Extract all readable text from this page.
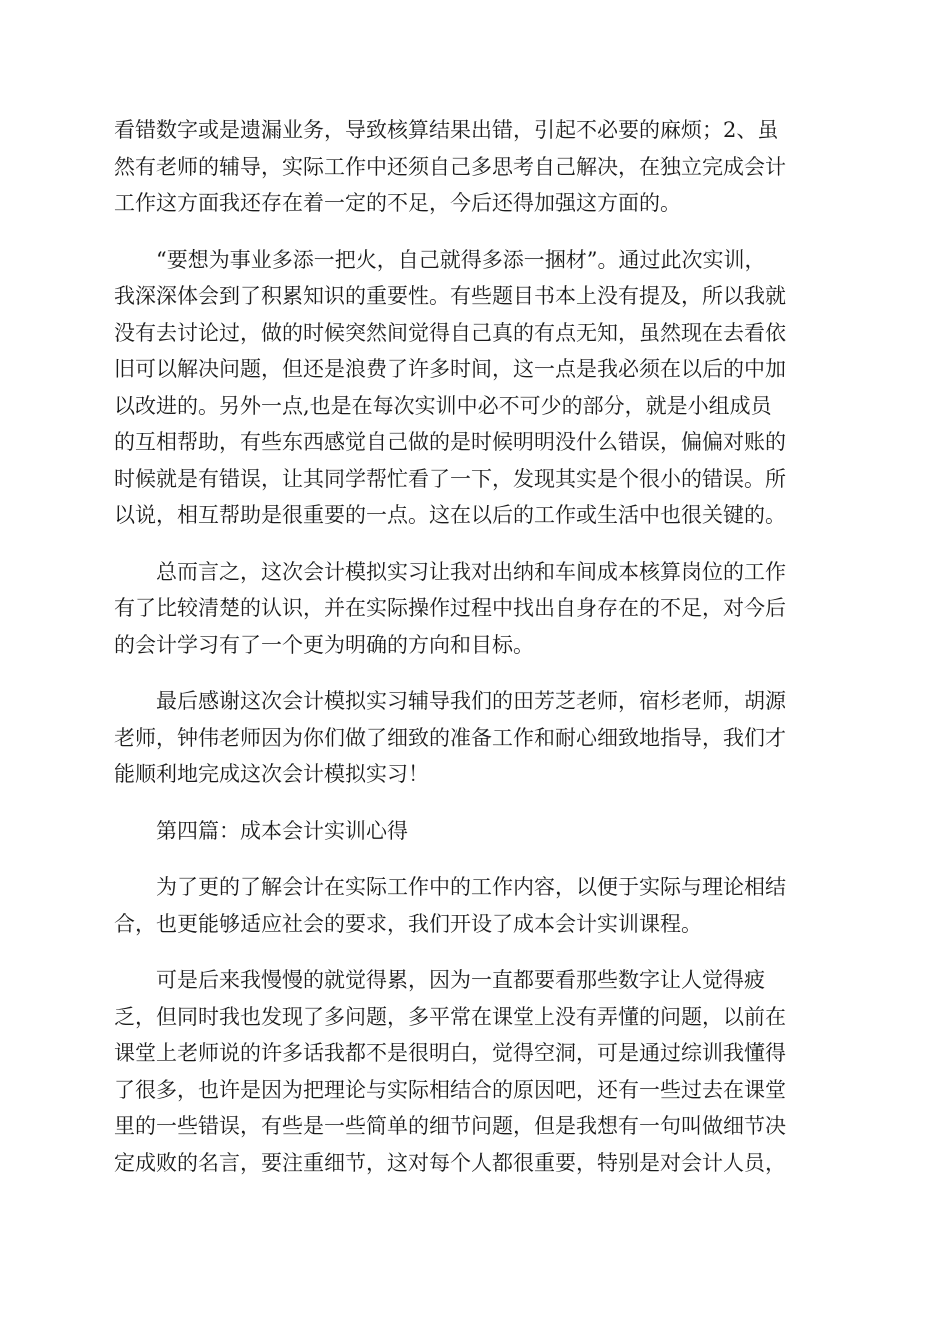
看错数字或是遗漏业务，导致核算结果出错，引起不必要的麻烦；2、虽
然有老师的辅导，实际工作中还须自己多思考自己解决，在独立完成会计
工作这方面我还存在着一定的不足，今后还得加强这方面的。

“要想为事业多添一把火，自己就得多添一捆材”。通过此次实训，
我深深体会到了积累知识的重要性。有些题目书本上没有提及，所以我就
没有去讨论过，做的时候突然间觉得自己真的有点无知，虽然现在去看依
旧可以解决问题，但还是浪费了许多时间，这一点是我必须在以后的中加
以改进的。另外一点,也是在每次实训中必不可少的部分，就是小组成员
的互相帮助，有些东西感觉自己做的是时候明明没什么错误，偏偏对账的
时候就是有错误，让其同学帮忙看了一下，发现其实是个很小的错误。所
以说，相互帮助是很重要的一点。这在以后的工作或生活中也很关键的。

总而言之，这次会计模拟实习让我对出纳和车间成本核算岗位的工作
有了比较清楚的认识，并在实际操作过程中找出自身存在的不足，对今后
的会计学习有了一个更为明确的方向和目标。

最后感谢这次会计模拟实习辅导我们的田芳芝老师，宿杉老师，胡源
老师，钟伟老师因为你们做了细致的准备工作和耐心细致地指导，我们才
能顺利地完成这次会计模拟实习！

第四篇：成本会计实训心得

为了更的了解会计在实际工作中的工作内容，以便于实际与理论相结
合，也更能够适应社会的要求，我们开设了成本会计实训课程。

可是后来我慢慢的就觉得累，因为一直都要看那些数字让人觉得疲
乏，但同时我也发现了多问题，多平常在课堂上没有弄懂的问题，以前在
课堂上老师说的许多话我都不是很明白，觉得空洞，可是通过综训我懂得
了很多，也许是因为把理论与实际相结合的原因吧，还有一些过去在课堂
里的一些错误，有些是一些简单的细节问题，但是我想有一句叫做细节决
定成败的名言，要注重细节，这对每个人都很重要，特别是对会计人员，
